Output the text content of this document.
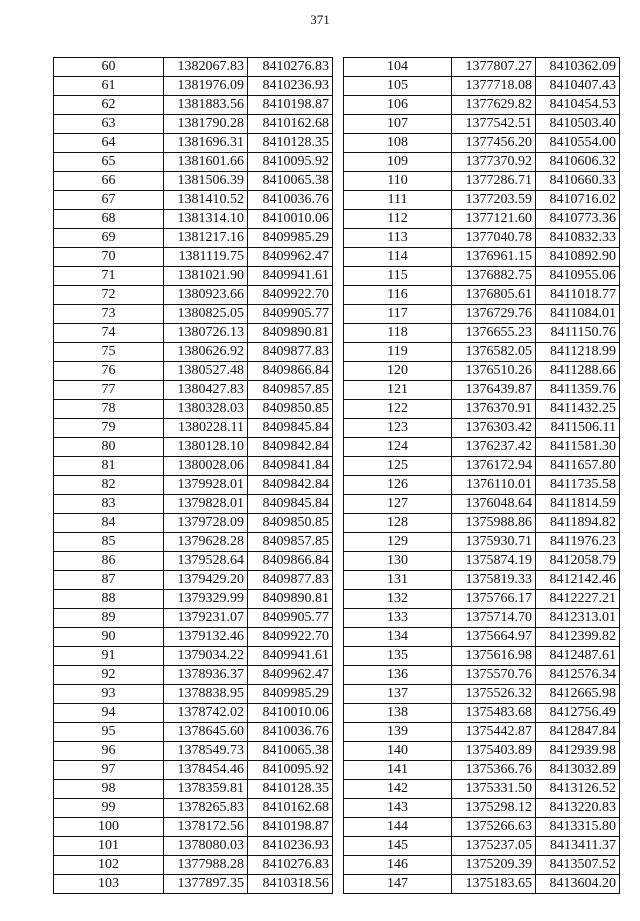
371
60	1382067.83	8410276.83
61	1381976.09	8410236.93
62	1381883.56	8410198.87
63	1381790.28	8410162.68
64	1381696.31	8410128.35
65	1381601.66	8410095.92
66	1381506.39	8410065.38
67	1381410.52	8410036.76
68	1381314.10	8410010.06
69	1381217.16	8409985.29
70	1381119.75	8409962.47
71	1381021.90	8409941.61
72	1380923.66	8409922.70
73	1380825.05	8409905.77
74	1380726.13	8409890.81
75	1380626.92	8409877.83
76	1380527.48	8409866.84
77	1380427.83	8409857.85
78	1380328.03	8409850.85
79	1380228.11	8409845.84
80	1380128.10	8409842.84
81	1380028.06	8409841.84
82	1379928.01	8409842.84
83	1379828.01	8409845.84
84	1379728.09	8409850.85
85	1379628.28	8409857.85
86	1379528.64	8409866.84
87	1379429.20	8409877.83
88	1379329.99	8409890.81
89	1379231.07	8409905.77
90	1379132.46	8409922.70
91	1379034.22	8409941.61
92	1378936.37	8409962.47
93	1378838.95	8409985.29
94	1378742.02	8410010.06
95	1378645.60	8410036.76
96	1378549.73	8410065.38
97	1378454.46	8410095.92
98	1378359.81	8410128.35
99	1378265.83	8410162.68
100	1378172.56	8410198.87
101	1378080.03	8410236.93
102	1377988.28	8410276.83
103	1377897.35	8410318.56
104	1377807.27	8410362.09
105	1377718.08	8410407.43
106	1377629.82	8410454.53
107	1377542.51	8410503.40
108	1377456.20	8410554.00
109	1377370.92	8410606.32
110	1377286.71	8410660.33
111	1377203.59	8410716.02
112	1377121.60	8410773.36
113	1377040.78	8410832.33
114	1376961.15	8410892.90
115	1376882.75	8410955.06
116	1376805.61	8411018.77
117	1376729.76	8411084.01
118	1376655.23	8411150.76
119	1376582.05	8411218.99
120	1376510.26	8411288.66
121	1376439.87	8411359.76
122	1376370.91	8411432.25
123	1376303.42	8411506.11
124	1376237.42	8411581.30
125	1376172.94	8411657.80
126	1376110.01	8411735.58
127	1376048.64	8411814.59
128	1375988.86	8411894.82
129	1375930.71	8411976.23
130	1375874.19	8412058.79
131	1375819.33	8412142.46
132	1375766.17	8412227.21
133	1375714.70	8412313.01
134	1375664.97	8412399.82
135	1375616.98	8412487.61
136	1375570.76	8412576.34
137	1375526.32	8412665.98
138	1375483.68	8412756.49
139	1375442.87	8412847.84
140	1375403.89	8412939.98
141	1375366.76	8413032.89
142	1375331.50	8413126.52
143	1375298.12	8413220.83
144	1375266.63	8413315.80
145	1375237.05	8413411.37
146	1375209.39	8413507.52
147	1375183.65	8413604.20
